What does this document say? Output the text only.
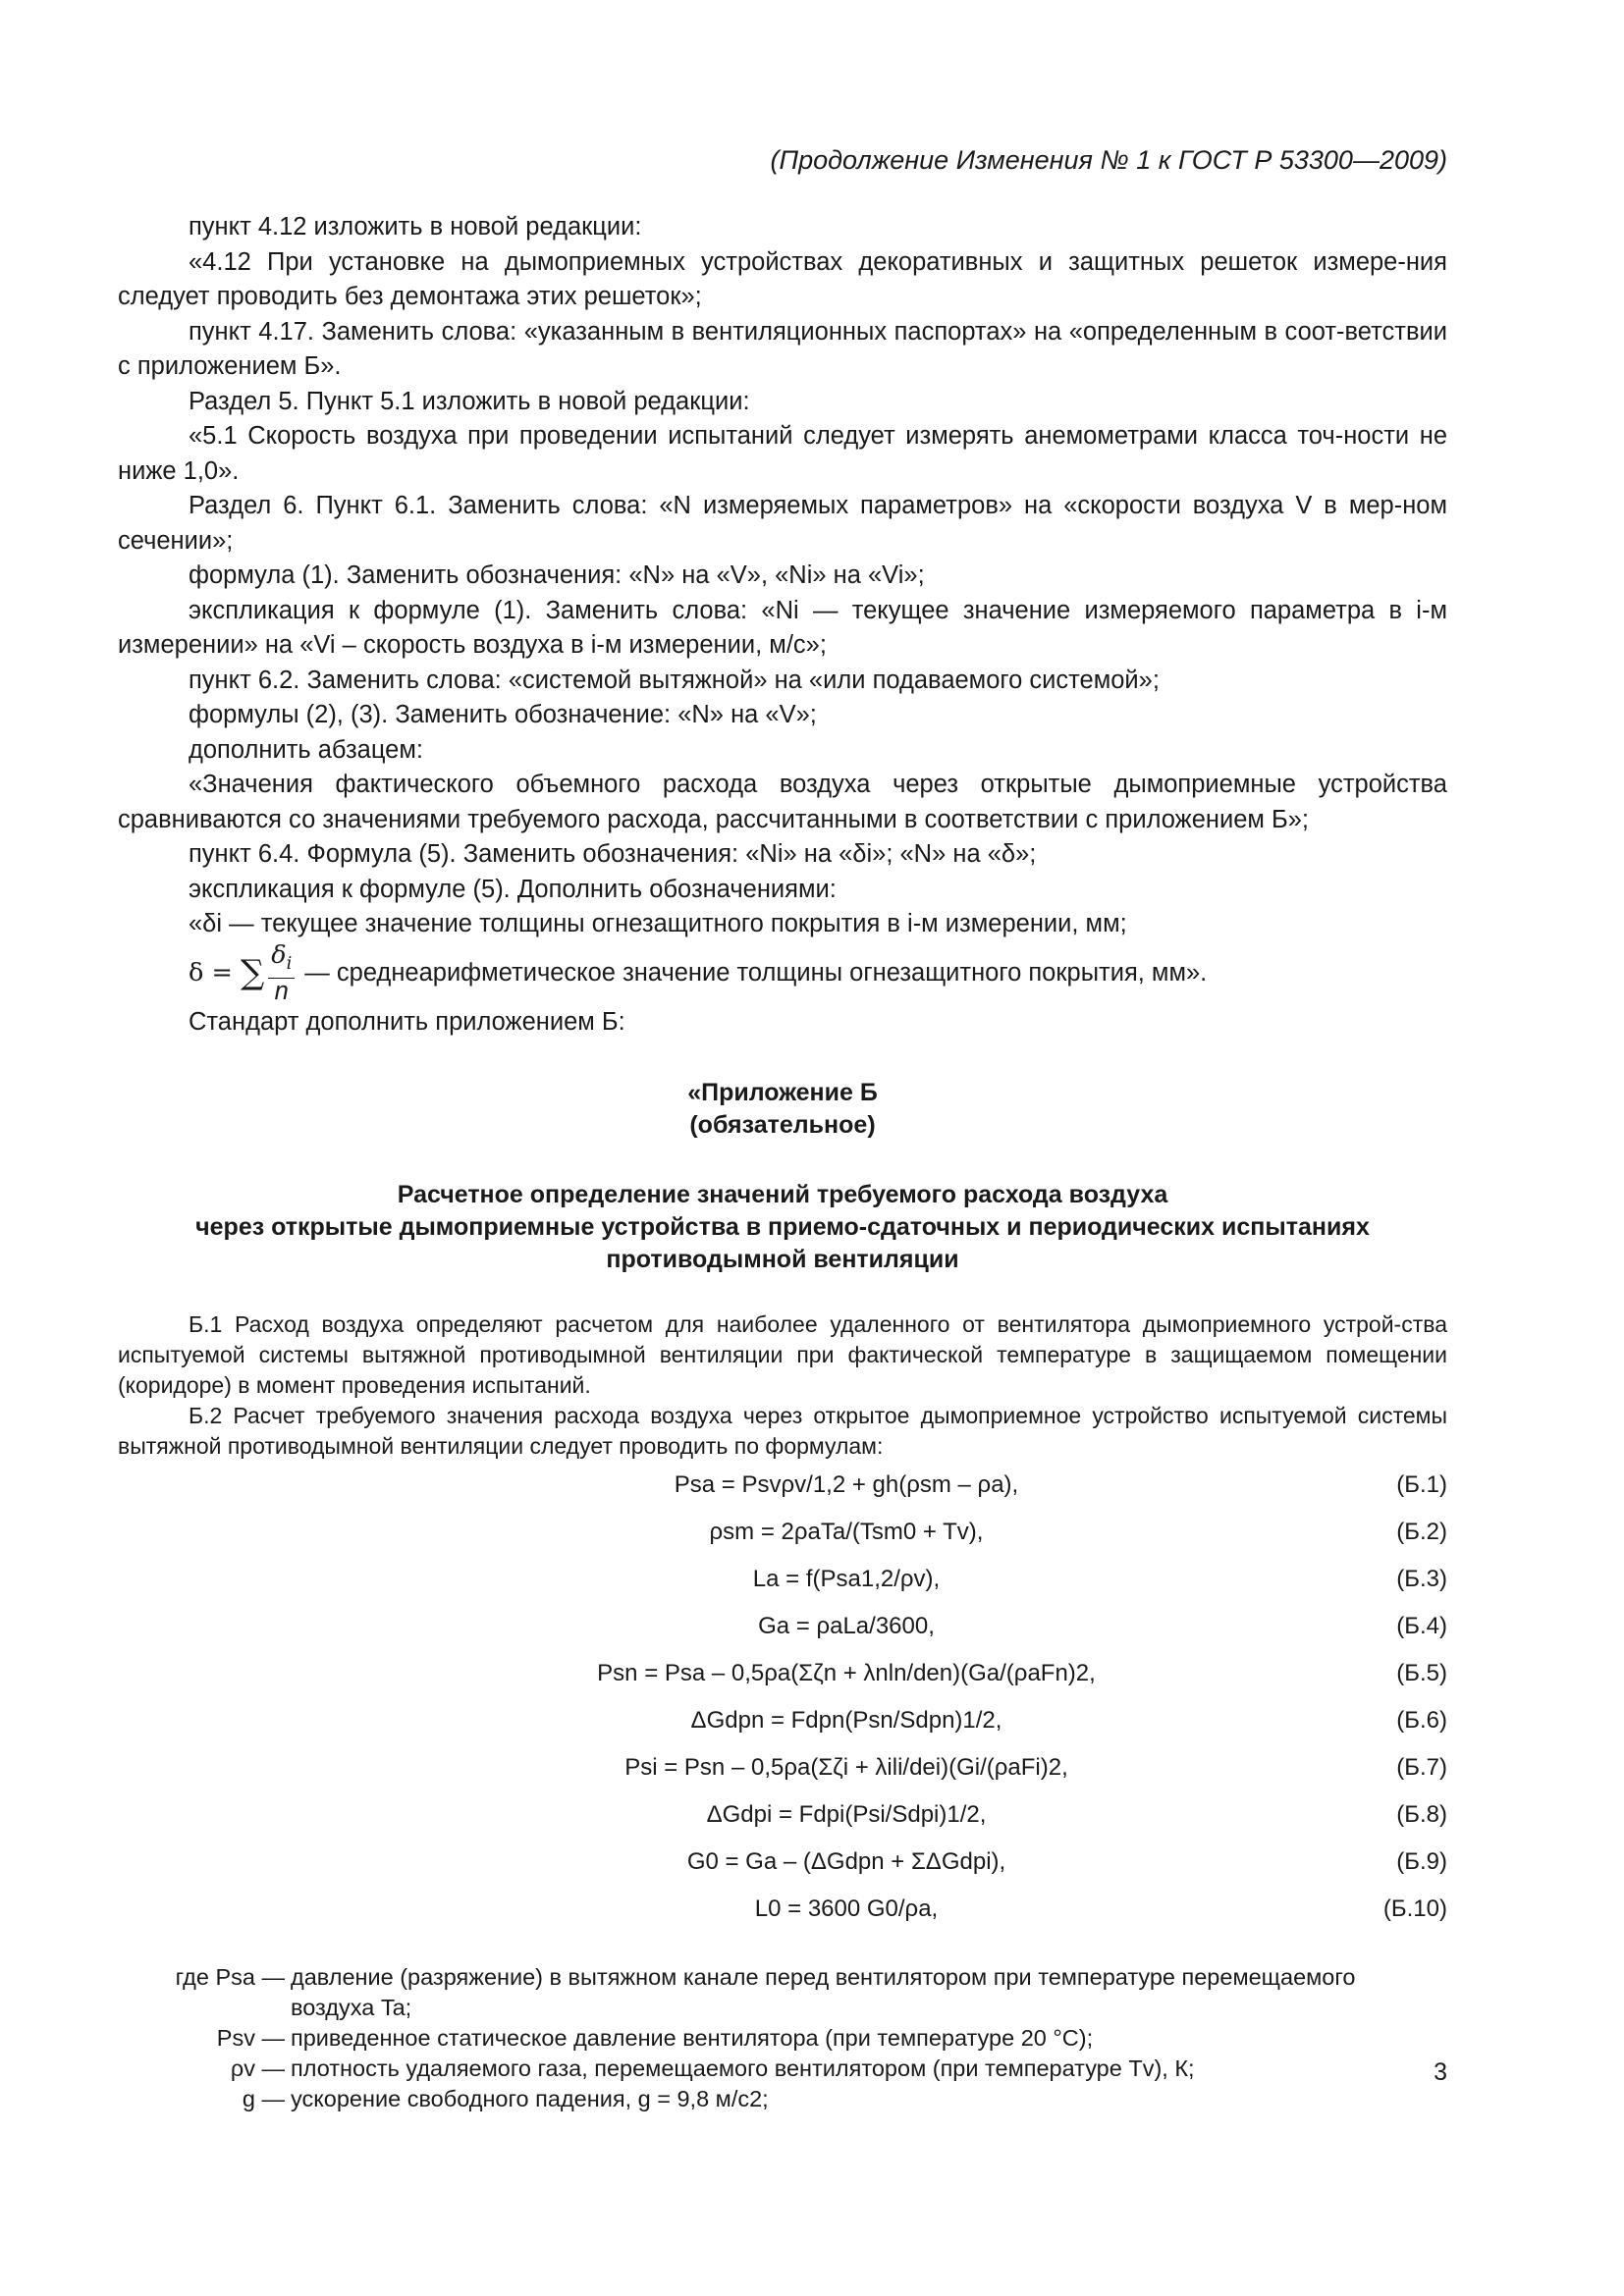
(Продолжение Изменения № 1 к ГОСТ Р 53300—2009)

пункт 4.12 изложить в новой редакции:

«4.12 При установке на дымоприемных устройствах декоративных и защитных решеток измере-ния следует проводить без демонтажа этих решеток»;

пункт 4.17. Заменить слова: «указанным в вентиляционных паспортах» на «определенным в соот-ветствии с приложением Б».

Раздел 5. Пункт 5.1 изложить в новой редакции:

«5.1 Скорость воздуха при проведении испытаний следует измерять анемометрами класса точ-ности не ниже 1,0».

Раздел 6. Пункт 6.1. Заменить слова: «N измеряемых параметров» на «скорости воздуха V в мер-ном сечении»;

формула (1). Заменить обозначения: «N» на «V», «Ni» на «Vi»;

экспликация к формуле (1). Заменить слова: «Ni — текущее значение измеряемого параметра в i-м измерении» на «Vi – скорость воздуха в i-м измерении, м/с»;

пункт 6.2. Заменить слова: «системой вытяжной» на «или подаваемого системой»;

формулы (2), (3). Заменить обозначение: «N» на «V»;

дополнить абзацем:

«Значения фактического объемного расхода воздуха через открытые дымоприемные устройства сравниваются со значениями требуемого расхода, рассчитанными в соответствии с приложением Б»;

пункт 6.4. Формула (5). Заменить обозначения: «Ni» на «δi»; «N» на «δ»;

экспликация к формуле (5). Дополнить обозначениями:

«δi — текущее значение толщины огнезащитного покрытия в i-м измерении, мм;

δ = ∑ $\frac{\delta_i}{n}$ — среднеарифметическое значение толщины огнезащитного покрытия, мм».

Стандарт дополнить приложением Б:

«Приложение Б
(обязательное)
Расчетное определение значений требуемого расхода воздуха
через открытые дымоприемные устройства в приемо-сдаточных и периодических испытаниях
противодымной вентиляции

Б.1 Расход воздуха определяют расчетом для наиболее удаленного от вентилятора дымоприемного устрой-ства испытуемой системы вытяжной противодымной вентиляции при фактической температуре в защищаемом помещении (коридоре) в момент проведения испытаний.

Б.2 Расчет требуемого значения расхода воздуха через открытое дымоприемное устройство испытуемой системы вытяжной противодымной вентиляции следует проводить по формулам:

Psa = Psvρv/1,2 + gh(ρsm – ρa),	(Б.1)
ρsm = 2ρaTa/(Tsm0 + Tv),	(Б.2)
La = f(Psa1,2/ρv),	(Б.3)
Ga = ρaLa/3600,	(Б.4)
Psn = Psa – 0,5ρa(Σζn + λnln/den)(Ga/(ρaFn)2,	(Б.5)
ΔGdpn = Fdpn(Psn/Sdpn)1/2,	(Б.6)
Psi = Psn – 0,5ρa(Σζi + λili/dei)(Gi/(ρaFi)2,	(Б.7)
ΔGdpi = Fdpi(Psi/Sdpi)1/2,	(Б.8)
G0 = Ga – (ΔGdpn + ΣΔGdpi),	(Б.9)
L0 = 3600 G0/ρa,	(Б.10)
где Psa — давление (разряжение) в вытяжном канале перед вентилятором при температуре перемещаемого
воздуха Ta;
Psv — приведенное статическое давление вентилятора (при температуре 20 °С);
ρv — плотность удаляемого газа, перемещаемого вентилятором (при температуре Tv), К;
g — ускорение свободного падения, g = 9,8 м/с2;
3
